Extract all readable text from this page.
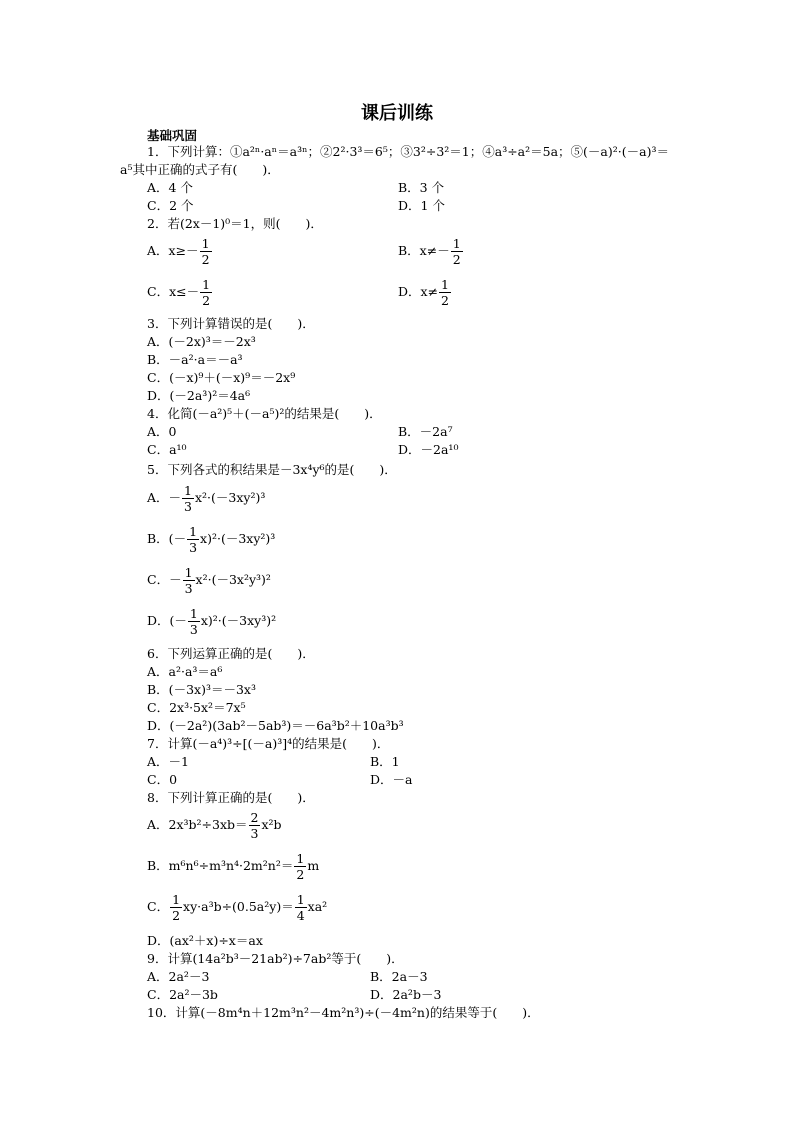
课后训练
基础巩固
1．下列计算：①a²ⁿ·aⁿ＝a³ⁿ；②2²·3³＝6⁵；③3²÷3²＝1；④a³÷a²＝5a；⑤(－a)²·(－a)³＝
a⁵其中正确的式子有(　　)．
A．4 个	B．3 个
C．2 个	D．1 个
2．若(2x－1)⁰＝1，则(　　)．
A．$x\ge- \frac{1}{2}$	B．$x\ne- \frac{1}{2}$
C．$x\le- \frac{1}{2}$	D．$x\ne \frac{1}{2}$
3．下列计算错误的是(　　)．
A．(－2x)³＝－2x³
B．－a²·a＝－a³
C．(－x)⁹＋(－x)⁹＝－2x⁹
D．(－2a³)²＝4a⁶
4．化简(－a²)⁵＋(－a⁵)²的结果是(　　)．
A．0	B．－2a⁷
C．a¹⁰	D．－2a¹⁰
5．下列各式的积结果是－3x⁴y⁶的是(　　)．
A．－ $\frac{1}{3} x^2\cdot(-3xy^2)^3$
B．(－ $\frac{1}{3} x)^2\cdot(-3xy^2)^3$
C．－ $\frac{1}{3} x^2\cdot(-3x^2y^3)^2$
D．(－ $\frac{1}{3} x)^2\cdot(-3xy^3)^2$
6．下列运算正确的是(　　)．
A．a²·a³＝a⁶
B．(－3x)³＝－3x³
C．2x³·5x²＝7x⁵
D．(－2a²)(3ab²－5ab³)＝－6a³b²＋10a³b³
7．计算(－a⁴)³÷[(－a)³]⁴的结果是(　　)．
A．－1	B．1
C．0	D．－a
8．下列计算正确的是(　　)．
A．$2x^3b^2\div 3xb= \frac{2}{3} x^2b$
B．$m^6n^6\div m^3n^4\cdot 2m^2n^2= \frac{1}{2}$ m
C． $\frac{1}{2} xy\cdot a^3b\div(0.5a^2y)= \frac{1}{4} xa^2$
D．(ax²＋x)÷x＝ax
9．计算(14a²b³－21ab²)÷7ab²等于(　　)．
A．2a²－3	B．2a－3
C．2a²－3b	D．2a²b－3
10．计算(－8m⁴n＋12m³n²－4m²n³)÷(－4m²n)的结果等于(　　)．
